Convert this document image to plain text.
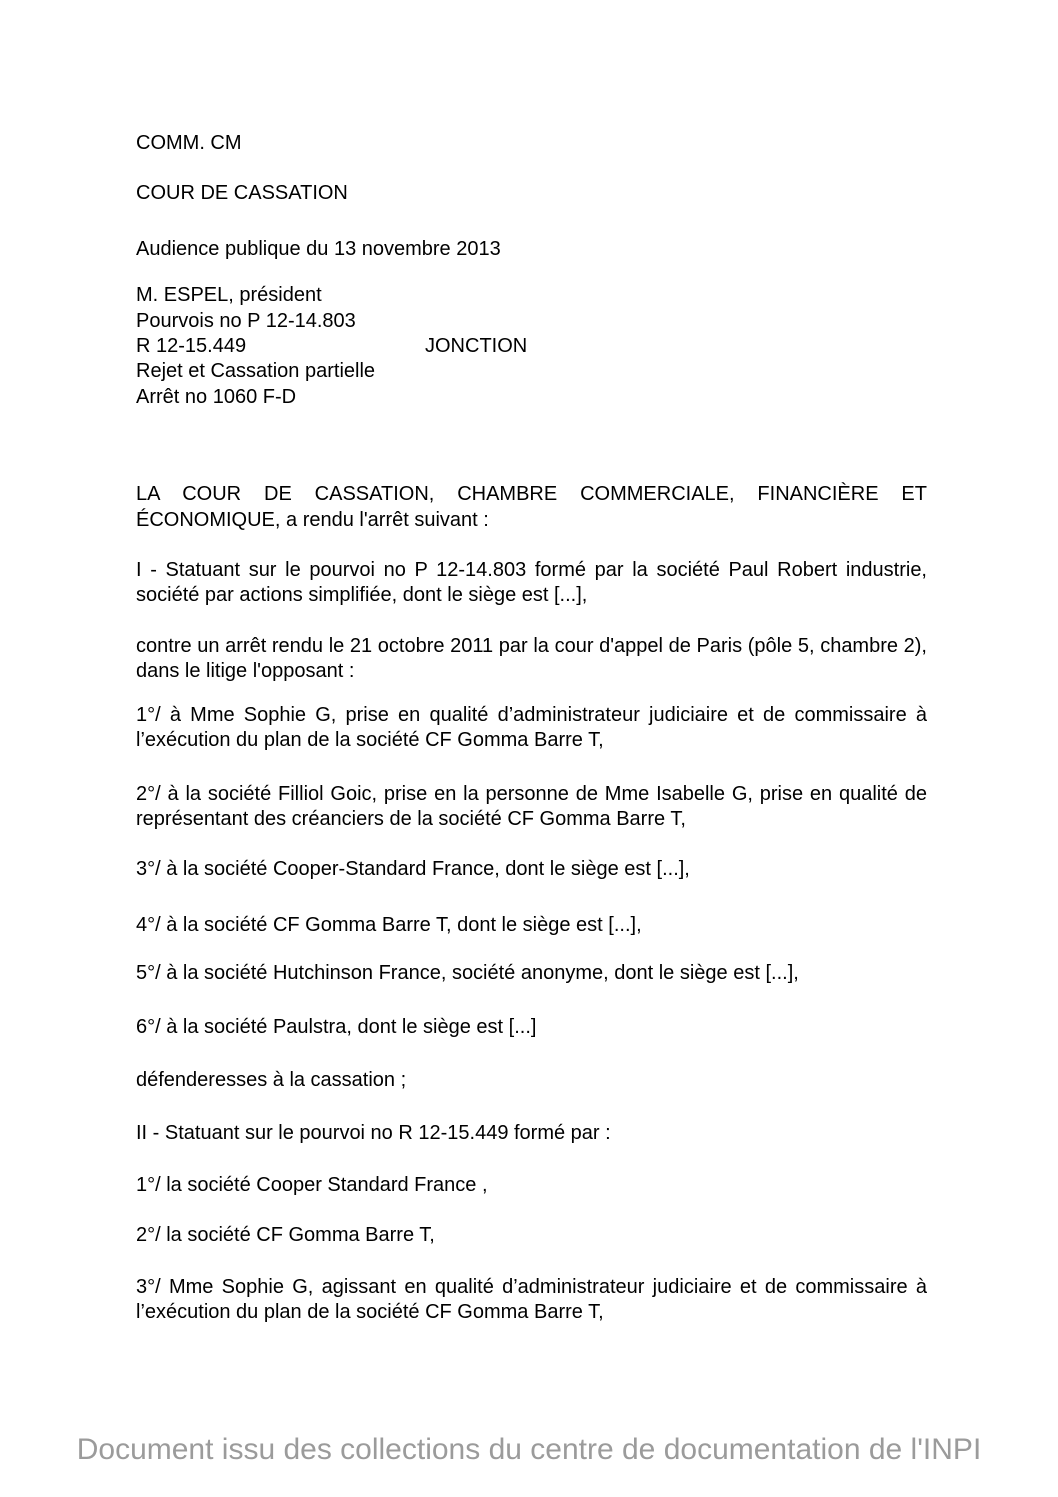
COMM. CM

COUR DE CASSATION

Audience publique du 13 novembre 2013

M. ESPEL, président
Pourvois no P 12-14.803
R 12-15.449	JONCTION
Rejet et Cassation partielle
Arrêt no 1060 F-D

LA COUR DE CASSATION, CHAMBRE COMMERCIALE, FINANCIÈRE ET ÉCONOMIQUE, a rendu l'arrêt suivant :

I - Statuant sur le pourvoi no P 12-14.803 formé par la société Paul Robert industrie, société par actions simplifiée, dont le siège est [...],

contre un arrêt rendu le 21 octobre 2011 par la cour d'appel de Paris (pôle 5, chambre 2), dans le litige l'opposant :

1°/ à Mme Sophie G, prise en qualité d’administrateur judiciaire et de commissaire à l’exécution du plan de la société CF Gomma Barre T,

2°/ à la société Filliol Goic, prise en la personne de Mme Isabelle G, prise en qualité de représentant des créanciers de la société CF Gomma Barre T,

3°/ à la société Cooper-Standard France, dont le siège est [...],

4°/ à la société CF Gomma Barre T, dont le siège est [...],

5°/ à la société Hutchinson France, société anonyme, dont le siège est [...],

6°/ à la société Paulstra, dont le siège est [...]

défenderesses à la cassation ;

II - Statuant sur le pourvoi no R 12-15.449 formé par :

1°/ la société Cooper Standard France ,

2°/ la société CF Gomma Barre T,

3°/ Mme Sophie G, agissant en qualité d’administrateur judiciaire et de commissaire à l’exécution du plan de la société CF Gomma Barre T,

Document issu des collections du centre de documentation de l'INPI
